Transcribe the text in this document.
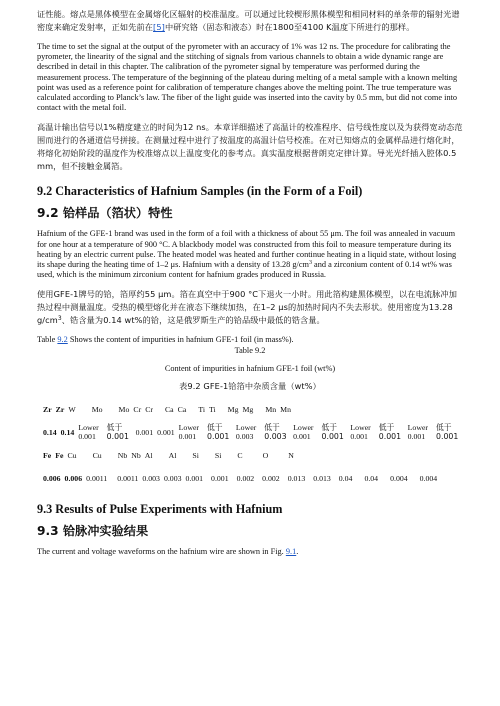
证性能。熔点是黑体模型在金属熔化区辐射的校准温度。可以通过比较楔形黑体模型和相同材料的单条带的辐射光谱密度来确定发射率，正如先前在[5]中研究铬（固态和液态）时在1800至4100 K温度下所进行的那样。

The time to set the signal at the output of the pyrometer with an accuracy of 1% was 12 ns. The procedure for calibrating the pyrometer, the linearity of the signal and the stitching of signals from various channels to obtain a wide dynamic range are described in detail in this chapter. The calibration of the pyrometer signal by temperature was performed during the measurement process. The temperature of the beginning of the plateau during melting of a metal sample with a known melting point was used as a reference point for calibration of temperature changes above the melting point. The true temperature was calculated according to Planck’s law. The fiber of the light guide was inserted into the cavity by 0.5 mm, but did not come into contact with the metal foil.

高温计输出信号以1%精度建立的时间为12 ns。本章详细描述了高温计的校准程序、信号线性度以及为获得宽动态范围而进行的各通道信号拼接。在测量过程中进行了按温度的高温计信号校准。在对已知熔点的金属样品进行熔化时，将熔化初始阶段的温度作为校准熔点以上温度变化的参考点。真实温度根据普朗克定律计算。导光光纤插入腔体0.5 mm，但不接触金属箔。

9.2 Characteristics of Hafnium Samples (in the Form of a Foil)
9.2 铪样品（箔状）特性

Hafnium of the GFE-1 brand was used in the form of a foil with a thickness of about 55 μm. The foil was annealed in vacuum for one hour at a temperature of 900 °C. A blackbody model was constructed from this foil to measure temperature during its heating by an electric current pulse. The heated model was heated and further continue heating in a liquid state, without losing its shape during the heating time of 1–2 μs. Hafnium with a density of 13.28 $g/cm^3$ and a zirconium content of 0.14 wt% was used, which is the minimum zirconium content for hafnium grades produced in Russia.

使用GFE-1牌号的铪，箔厚约55 μm。箔在真空中于900 °C下退火一小时。用此箔构建黑体模型，以在电流脉冲加热过程中测量温度。受热的模型熔化并在液态下继续加热，在1–2 μs的加热时间内不失去形状。使用密度为13.28 $g/cm^3$、锆含量为0.14 wt%的铪，这是俄罗斯生产的铪品级中最低的锆含量。

Table 9.2 Shows the content of impurities in hafnium GFE-1 foil (in mass%).

Table 9.2

Content of impurities in hafnium GFE-1 foil (wt%)

表9.2 GFE-1铪箔中杂质含量（wt%）

Zr	Zr	W	Mo	Mo	Cr	Cr	Ca	Ca	Ti	Ti	Mg	Mg	Mn	Mn
0.14	0.14	Lower 0.001	低于0.001	0.001	0.001	Lower 0.001	低于0.001	Lower 0.003	低于0.003	Lower 0.001	低于0.001	Lower 0.001	低于0.001	Lower 0.001	低于0.001
Fe	Fe	Cu	Cu	Nb	Nb	Al	Al	Si	Si	C	O	N
0.006	0.006	0.0011	0.0011	0.003	0.003	0.001	0.001	0.002	0.002	0.013	0.013	0.04	0.04	0.004	0.004
9.3 Results of Pulse Experiments with Hafnium
9.3 铪脉冲实验结果

The current and voltage waveforms on the hafnium wire are shown in Fig. 9.1.
